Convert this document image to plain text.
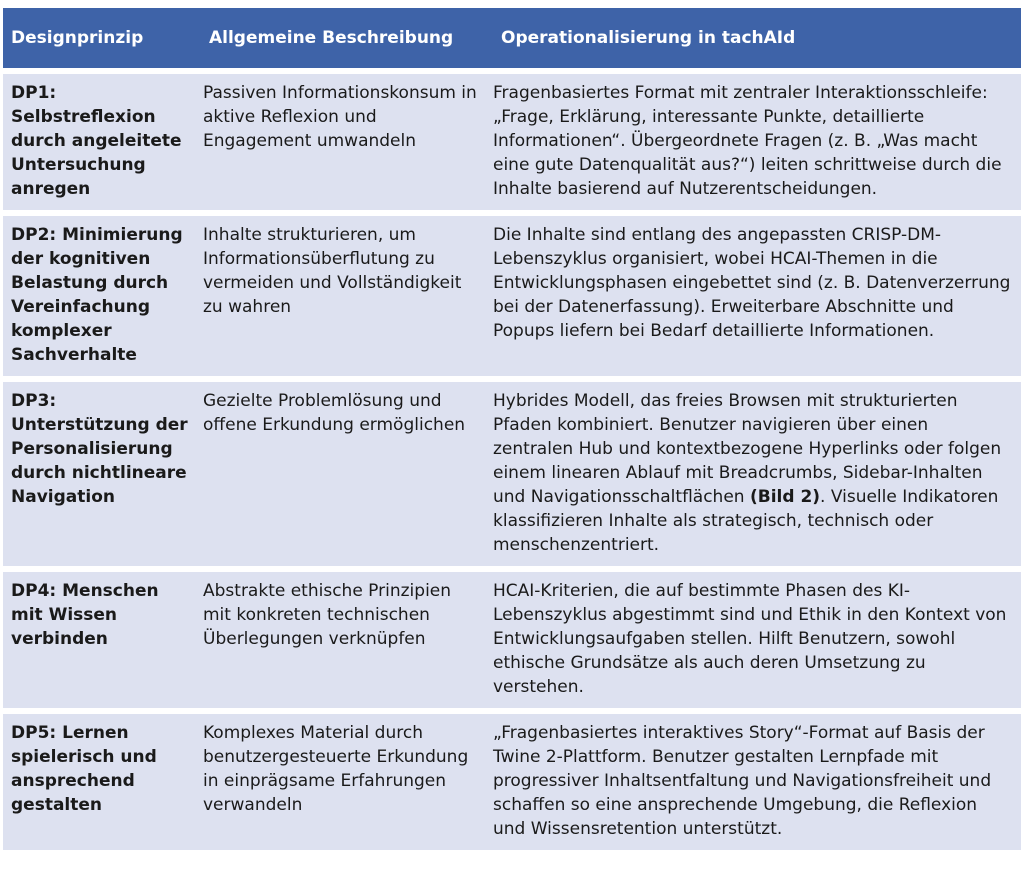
Designprinzip	Allgemeine Beschreibung	Operationalisierung in tachAId
DP1: Selbstreflexion durch angeleitete Untersuchung anregen
Passiven Informationskonsum in aktive Reflexion und Engagement umwandeln
Fragenbasiertes Format mit zentraler Interaktionsschleife: „Frage, Erklärung, interessante Punkte, detaillierte Informationen“. Übergeordnete Fragen (z. B. „Was macht eine gute Datenqualität aus?“) leiten schrittweise durch die Inhalte basierend auf Nutzerentscheidungen.
DP2: Minimierung der kognitiven Belastung durch Vereinfachung komplexer Sachverhalte
Inhalte strukturieren, um Informationsüberflutung zu vermeiden und Vollständigkeit zu wahren
Die Inhalte sind entlang des angepassten CRISP-DM-Lebenszyklus organisiert, wobei HCAI-Themen in die Entwicklungsphasen eingebettet sind (z. B. Datenverzerrung bei der Datenerfassung). Erweiterbare Abschnitte und Popups liefern bei Bedarf detaillierte Informationen.
DP3: Unterstützung der Personalisierung durch nichtlineare Navigation
Gezielte Problemlösung und offene Erkundung ermöglichen
Hybrides Modell, das freies Browsen mit strukturierten Pfaden kombiniert. Benutzer navigieren über einen zentralen Hub und kontextbezogene Hyperlinks oder folgen einem linearen Ablauf mit Breadcrumbs, Sidebar-Inhalten und Navigationsschaltflächen (Bild 2). Visuelle Indikatoren klassifizieren Inhalte als strategisch, technisch oder menschenzentriert.
DP4: Menschen mit Wissen verbinden
Abstrakte ethische Prinzipien mit konkreten technischen Überlegungen verknüpfen
HCAI-Kriterien, die auf bestimmte Phasen des KI-Lebenszyklus abgestimmt sind und Ethik in den Kontext von Entwicklungsaufgaben stellen. Hilft Benutzern, sowohl ethische Grundsätze als auch deren Umsetzung zu verstehen.
DP5: Lernen spielerisch und ansprechend gestalten
Komplexes Material durch benutzergesteuerte Erkundung in einprägsame Erfahrungen verwandeln
„Fragenbasiertes interaktives Story“-Format auf Basis der Twine 2-Plattform. Benutzer gestalten Lernpfade mit progressiver Inhaltsentfaltung und Navigationsfreiheit und schaffen so eine ansprechende Umgebung, die Reflexion und Wissensretention unterstützt.
